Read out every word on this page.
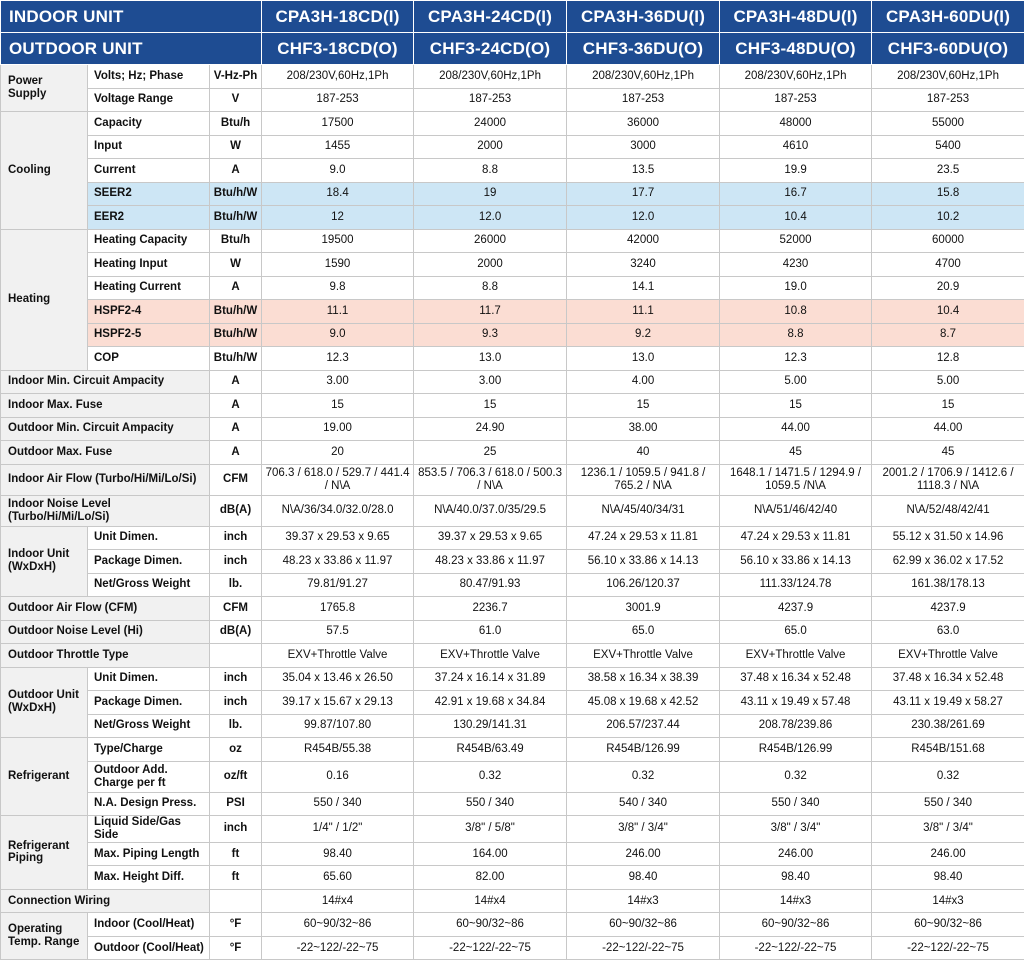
INDOOR UNIT			CPA3H-18CD(I)	CPA3H-24CD(I)	CPA3H-36DU(I)	CPA3H-48DU(I)	CPA3H-60DU(I)
OUTDOOR UNIT			CHF3-18CD(O)	CHF3-24CD(O)	CHF3-36DU(O)	CHF3-48DU(O)	CHF3-60DU(O)
Power Supply	Volts; Hz; Phase	V-Hz-Ph	208/230V,60Hz,1Ph	208/230V,60Hz,1Ph	208/230V,60Hz,1Ph	208/230V,60Hz,1Ph	208/230V,60Hz,1Ph
	Voltage Range	V	187-253	187-253	187-253	187-253	187-253
Cooling	Capacity	Btu/h	17500	24000	36000	48000	55000
	Input	W	1455	2000	3000	4610	5400
	Current	A	9.0	8.8	13.5	19.9	23.5
	SEER2	Btu/h/W	18.4	19	17.7	16.7	15.8
	EER2	Btu/h/W	12	12.0	12.0	10.4	10.2
Heating	Heating Capacity	Btu/h	19500	26000	42000	52000	60000
	Heating Input	W	1590	2000	3240	4230	4700
	Heating Current	A	9.8	8.8	14.1	19.0	20.9
	HSPF2-4	Btu/h/W	11.1	11.7	11.1	10.8	10.4
	HSPF2-5	Btu/h/W	9.0	9.3	9.2	8.8	8.7
	COP	Btu/h/W	12.3	13.0	13.0	12.3	12.8
Indoor Min. Circuit Ampacity		A	3.00	3.00	4.00	5.00	5.00
Indoor Max. Fuse		A	15	15	15	15	15
Outdoor Min. Circuit Ampacity		A	19.00	24.90	38.00	44.00	44.00
Outdoor Max. Fuse		A	20	25	40	45	45
Indoor Air Flow (Turbo/Hi/Mi/Lo/Si)		CFM	706.3 / 618.0 / 529.7 / 441.4 / N\A	853.5 / 706.3 / 618.0 / 500.3 / N\A	1236.1 / 1059.5 / 941.8 / 765.2 / N\A	1648.1 / 1471.5 / 1294.9 / 1059.5 /N\A	2001.2 / 1706.9 / 1412.6 / 1118.3 / N\A
Indoor Noise Level (Turbo/Hi/Mi/Lo/Si)		dB(A)	N\A/36/34.0/32.0/28.0	N\A/40.0/37.0/35/29.5	N\A/45/40/34/31	N\A/51/46/42/40	N\A/52/48/42/41
Indoor Unit (WxDxH)	Unit Dimen.	inch	39.37 x 29.53 x 9.65	39.37 x 29.53 x 9.65	47.24 x 29.53 x 11.81	47.24 x 29.53 x 11.81	55.12 x 31.50 x 14.96
	Package Dimen.	inch	48.23 x 33.86 x 11.97	48.23 x 33.86 x 11.97	56.10 x 33.86 x 14.13	56.10 x 33.86 x 14.13	62.99 x 36.02 x 17.52
	Net/Gross Weight	lb.	79.81/91.27	80.47/91.93	106.26/120.37	111.33/124.78	161.38/178.13
Outdoor Air Flow (CFM)		CFM	1765.8	2236.7	3001.9	4237.9	4237.9
Outdoor Noise Level (Hi)		dB(A)	57.5	61.0	65.0	65.0	63.0
Outdoor Throttle Type			EXV+Throttle Valve	EXV+Throttle Valve	EXV+Throttle Valve	EXV+Throttle Valve	EXV+Throttle Valve
Outdoor Unit (WxDxH)	Unit Dimen.	inch	35.04 x 13.46 x 26.50	37.24 x 16.14 x 31.89	38.58 x 16.34 x 38.39	37.48 x 16.34 x 52.48	37.48 x 16.34 x 52.48
	Package Dimen.	inch	39.17 x 15.67 x 29.13	42.91 x 19.68 x 34.84	45.08 x 19.68 x 42.52	43.11 x 19.49 x 57.48	43.11 x 19.49 x 58.27
	Net/Gross Weight	lb.	99.87/107.80	130.29/141.31	206.57/237.44	208.78/239.86	230.38/261.69
Refrigerant	Type/Charge	oz	R454B/55.38	R454B/63.49	R454B/126.99	R454B/126.99	R454B/151.68
	Outdoor Add. Charge per ft	oz/ft	0.16	0.32	0.32	0.32	0.32
	N.A. Design Press.	PSI	550 / 340	550 / 340	540 / 340	550 / 340	550 / 340
Refrigerant Piping	Liquid Side/Gas Side	inch	1/4" / 1/2"	3/8" / 5/8"	3/8" / 3/4"	3/8" / 3/4"	3/8" / 3/4"
	Max. Piping Length	ft	98.40	164.00	246.00	246.00	246.00
	Max. Height Diff.	ft	65.60	82.00	98.40	98.40	98.40
Connection Wiring			14#x4	14#x4	14#x3	14#x3	14#x3
Operating Temp. Range	Indoor (Cool/Heat)	°F	60~90/32~86	60~90/32~86	60~90/32~86	60~90/32~86	60~90/32~86
	Outdoor (Cool/Heat)	°F	-22~122/-22~75	-22~122/-22~75	-22~122/-22~75	-22~122/-22~75	-22~122/-22~75
